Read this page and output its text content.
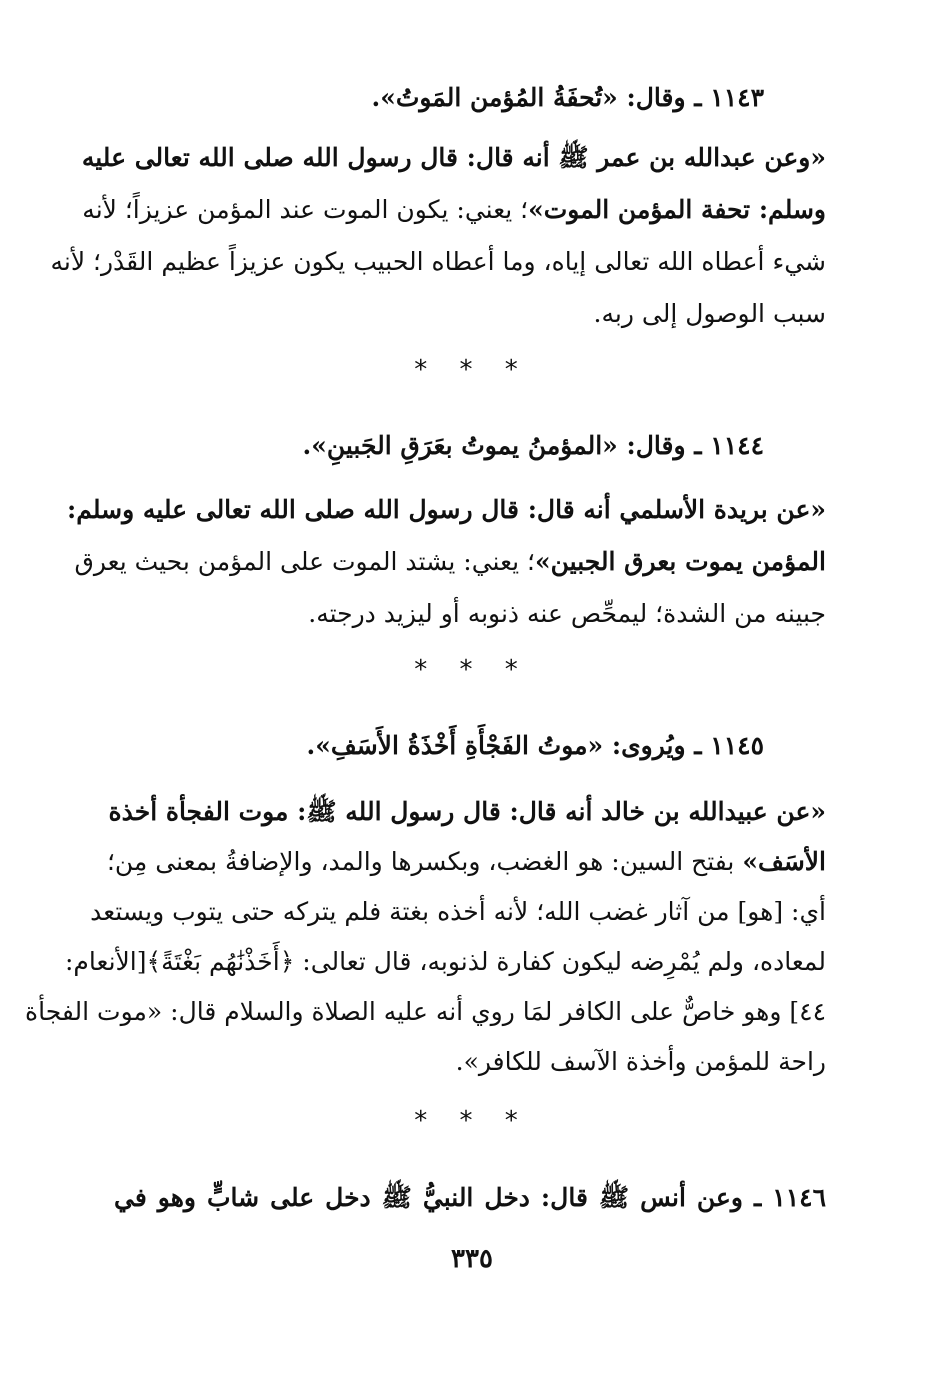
١١٤٣ ـ وقال: «تُحفَةُ المُؤمن المَوتُ».
«وعن عبدالله بن عمر ﷺ أنه قال: قال رسول الله صلى الله تعالى عليه
وسلم: تحفة المؤمن الموت»؛ يعني: يكون الموت عند المؤمن عزيزاً؛ لأنه
شيء أعطاه الله تعالى إياه، وما أعطاه الحبيب يكون عزيزاً عظيم القَدْر؛ لأنه
سبب الوصول إلى ربه.
* * *
١١٤٤ ـ وقال: «المؤمنُ يموتُ بعَرَقِ الجَبينِ».
«عن بريدة الأسلمي أنه قال: قال رسول الله صلى الله تعالى عليه وسلم:
المؤمن يموت بعرق الجبين»؛ يعني: يشتد الموت على المؤمن بحيث يعرق
جبينه من الشدة؛ ليمحِّص عنه ذنوبه أو ليزيد درجته.
* * *
١١٤٥ ـ ويُروى: «موتُ الفَجْأَةِ أَخْذَةُ الأَسَفِ».
«عن عبيدالله بن خالد أنه قال: قال رسول الله ﷺ: موت الفجأة أخذة
الأسَف» بفتح السين: هو الغضب، وبكسرها والمد، والإضافةُ بمعنى مِن؛
أي: [هو] من آثار غضب الله؛ لأنه أخذه بغتة فلم يتركه حتى يتوب ويستعد
لمعاده، ولم يُمْرِضه ليكون كفارة لذنوبه، قال تعالى: ﴿أَخَذْنَٰهُم بَغْتَةً﴾[الأنعام:
٤٤] وهو خاصٌّ على الكافر لمَا روي أنه عليه الصلاة والسلام قال: «موت الفجأة
راحة للمؤمن وأخذة الآسف للكافر».
* * *
١١٤٦ ـ وعن أنس ﷺ قال: دخل النبيُّ ﷺ دخل على شابٍّ وهو في
٣٣٥
